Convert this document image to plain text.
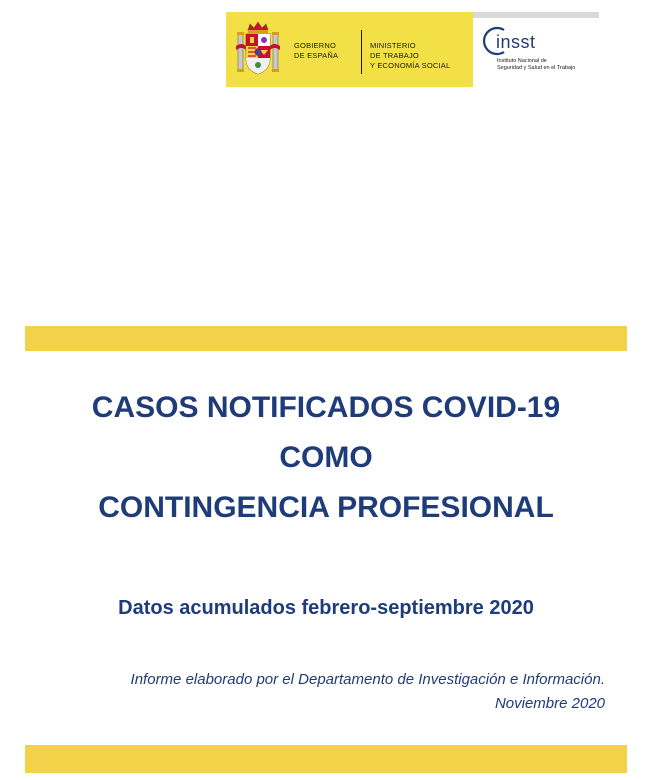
GOBIERNO
DE ESPAÑA
MINISTERIO
DE TRABAJO
Y ECONOMÍA SOCIAL
insst
Instituto Nacional de
Seguridad y Salud en el Trabajo
CASOS NOTIFICADOS COVID-19
COMO
CONTINGENCIA PROFESIONAL
Datos acumulados febrero-septiembre 2020
Informe elaborado por el Departamento de Investigación e Información.
Noviembre 2020
